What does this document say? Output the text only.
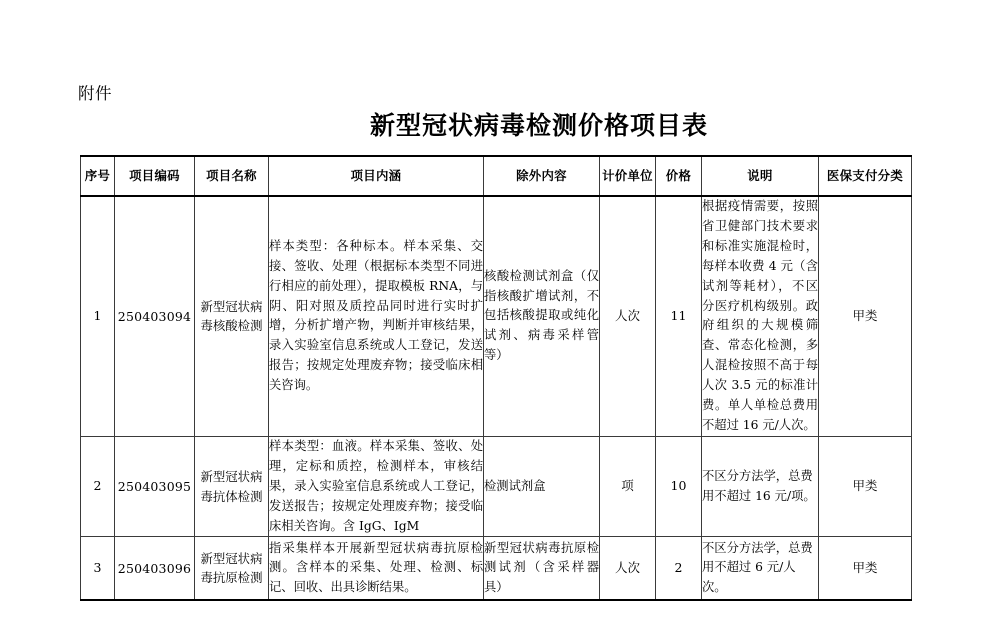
附件
新型冠状病毒检测价格项目表
序号	项目编码	项目名称	项目内涵	除外内容	计价单位	价格	说明	医保支付分类
1	250403094	新型冠状病毒核酸检测	样本类型：各种标本。样本采集、交接、签收、处理（根据标本类型不同进行相应的前处理），提取模板 RNA，与阴、阳对照及质控品同时进行实时扩增，分析扩增产物，判断并审核结果，录入实验室信息系统或人工登记，发送报告；按规定处理废弃物；接受临床相关咨询。	核酸检测试剂盒（仅指核酸扩增试剂，不包括核酸提取或纯化试剂、病毒采样管等）	人次	11	根据疫情需要，按照省卫健部门技术要求和标准实施混检时，每样本收费 4 元（含试剂等耗材），不区分医疗机构级别。政府组织的大规模筛查、常态化检测，多人混检按照不高于每人次 3.5 元的标准计费。单人单检总费用不超过 16 元/人次。	甲类
2	250403095	新型冠状病毒抗体检测	样本类型：血液。样本采集、签收、处理，定标和质控，检测样本，审核结果，录入实验室信息系统或人工登记，发送报告；按规定处理废弃物；接受临床相关咨询。含 IgG、IgM	检测试剂盒	项	10	不区分方法学，总费用不超过 16 元/项。	甲类
3	250403096	新型冠状病毒抗原检测	指采集样本开展新型冠状病毒抗原检测。含样本的采集、处理、检测、标记、回收、出具诊断结果。	新型冠状病毒抗原检测试剂（含采样器具）	人次	2	不区分方法学，总费用不超过 6 元/人次。	甲类
